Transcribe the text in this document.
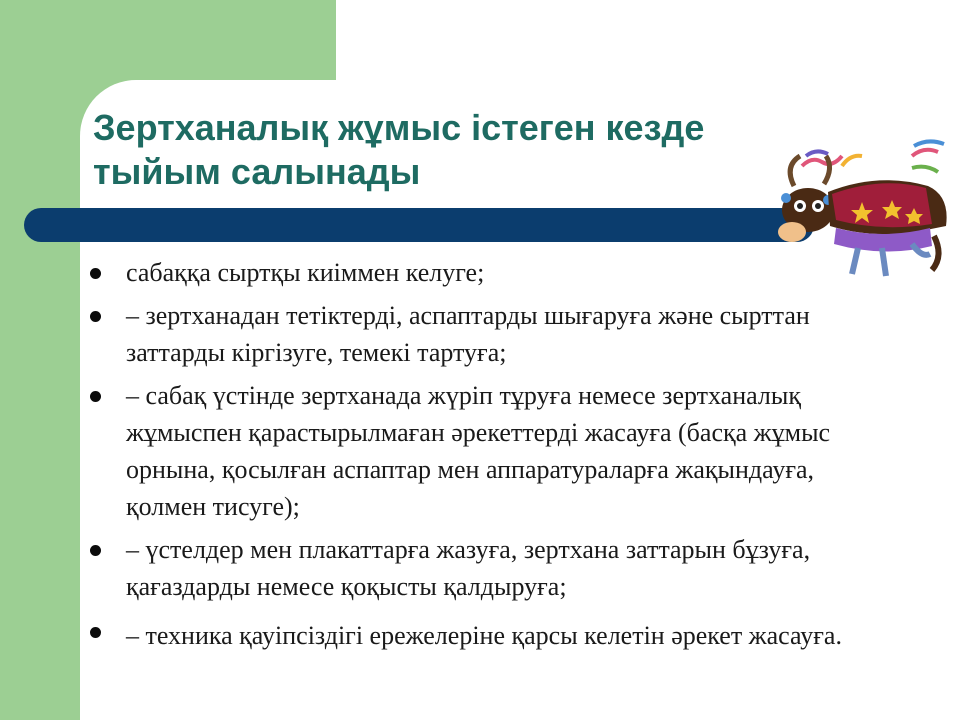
Зертханалық жұмыс істеген кезде тыйым салынады
сабаққа сыртқы киіммен келуге;
– зертханадан тетіктерді, аспаптарды шығаруға және сырттан заттарды кіргізуге, темекі тартуға;
– сабақ үстінде зертханада жүріп тұруға немесе зертханалық жұмыспен қарастырылмаған әрекеттерді жасауға (басқа жұмыс орнына, қосылған аспаптар мен аппаратураларға жақындауға, қолмен тисуге);
– үстелдер мен плакаттарға жазуға, зертхана заттарын бұзуға, қағаздарды немесе қоқысты қалдыруға;
– техника қауіпсіздігі ережелеріне қарсы келетін әрекет жасауға.
